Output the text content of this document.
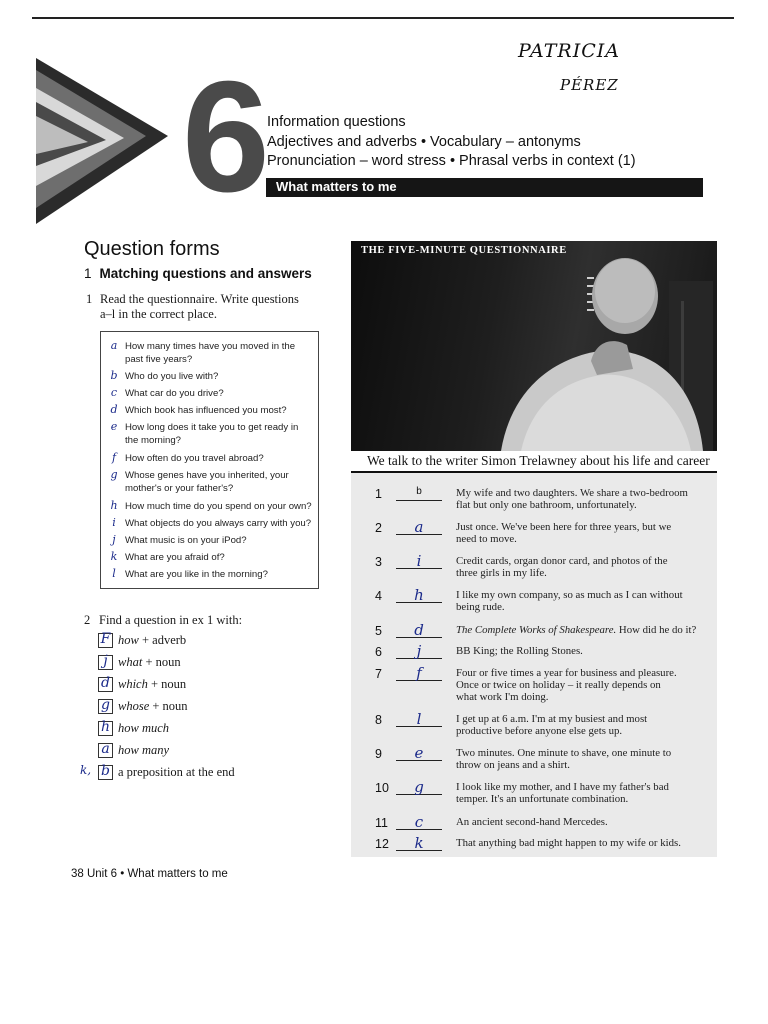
PATRICIA
PÉREZ
6 Information questions
Adjectives and adverbs • Vocabulary – antonyms
Pronunciation – word stress • Phrasal verbs in context (1)
What matters to me
Question forms
1 Matching questions and answers
1 Read the questionnaire. Write questions
a–l in the correct place.
a How many times have you moved in the
past five years?
b Who do you live with?
c What car do you drive?
d Which book has influenced you most?
e How long does it take you to get ready in
the morning?
f How often do you travel abroad?
g Whose genes have you inherited, your
mother's or your father's?
h How much time do you spend on your own?
i What objects do you always carry with you?
j What music is on your iPod?
k What are you afraid of?
l What are you like in the morning?
2 Find a question in ex 1 with:
F how + adverb
j what + noun
d which + noun
g whose + noun
h how much
a how many
k, b a preposition at the end
38 Unit 6 • What matters to me
THE FIVE-MINUTE QUESTIONNAIRE
We talk to the writer Simon Trelawney about his life and career
1	b	My wife and two daughters. We share a two-bedroom
flat but only one bathroom, unfortunately.
2	a	Just once. We've been here for three years, but we
need to move.
3	i	Credit cards, organ donor card, and photos of the
three girls in my life.
4	h	I like my own company, so as much as I can without
being rude.
5	d	The Complete Works of Shakespeare. How did he do it?
6	j	BB King; the Rolling Stones.
7	f	Four or five times a year for business and pleasure.
Once or twice on holiday – it really depends on
what work I'm doing.
8	l	I get up at 6 a.m. I'm at my busiest and most
productive before anyone else gets up.
9	e	Two minutes. One minute to shave, one minute to
throw on jeans and a shirt.
10	g	I look like my mother, and I have my father's bad
temper. It's an unfortunate combination.
11	c	An ancient second-hand Mercedes.
12	k	That anything bad might happen to my wife or kids.
